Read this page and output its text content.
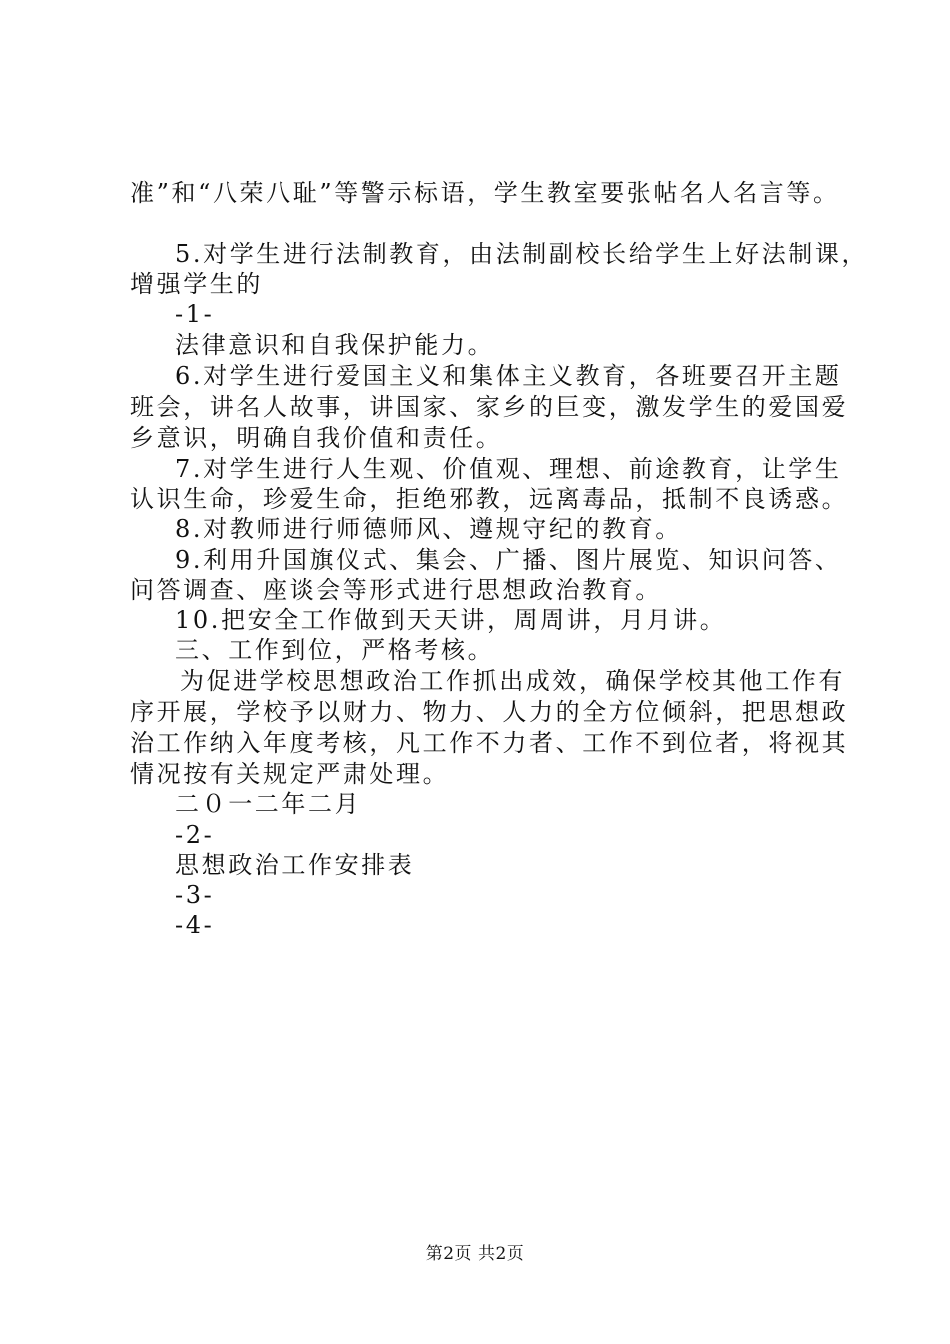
准”和“八荣八耻”等警示标语，学生教室要张帖名人名言等。
5.对学生进行法制教育，由法制副校长给学生上好法制课，
增强学生的
-1-
法律意识和自我保护能力。
6.对学生进行爱国主义和集体主义教育，各班要召开主题
班会，讲名人故事，讲国家、家乡的巨变，激发学生的爱国爱
乡意识，明确自我价值和责任。
7.对学生进行人生观、价值观、理想、前途教育，让学生
认识生命，珍爱生命，拒绝邪教，远离毒品，抵制不良诱惑。
8.对教师进行师德师风、遵规守纪的教育。
9.利用升国旗仪式、集会、广播、图片展览、知识问答、
问答调查、座谈会等形式进行思想政治教育。
10.把安全工作做到天天讲，周周讲，月月讲。
三、工作到位，严格考核。
为促进学校思想政治工作抓出成效，确保学校其他工作有
序开展，学校予以财力、物力、人力的全方位倾斜，把思想政
治工作纳入年度考核，凡工作不力者、工作不到位者，将视其
情况按有关规定严肃处理。
二０一二年二月
-2-
思想政治工作安排表
-3-
-4-
第2页 共2页
